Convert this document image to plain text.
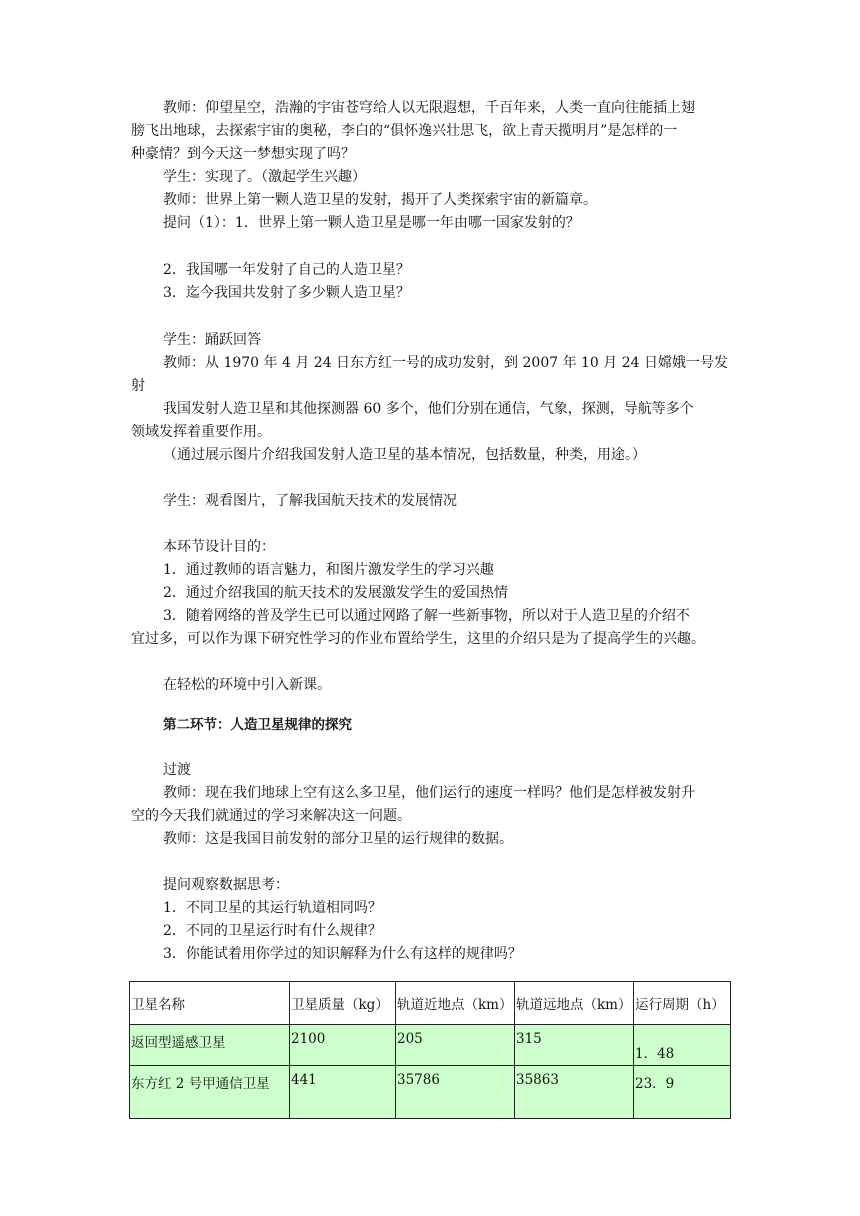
教师：仰望星空，浩瀚的宇宙苍穹给人以无限遐想，千百年来，人类一直向往能插上翅
膀飞出地球，去探索宇宙的奥秘，李白的“俱怀逸兴壮思飞，欲上青天揽明月”是怎样的一
种豪情？到今天这一梦想实现了吗？
学生：实现了。（激起学生兴趣）
教师：世界上第一颗人造卫星的发射，揭开了人类探索宇宙的新篇章。
提问（1）：1．世界上第一颗人造卫星是哪一年由哪一国家发射的？
2．我国哪一年发射了自己的人造卫星？
3．迄今我国共发射了多少颗人造卫星？
学生：踊跃回答
教师：从 1970 年 4 月 24 日东方红一号的成功发射，到 2007 年 10 月 24 日嫦娥一号发
射
我国发射人造卫星和其他探测器 60 多个，他们分别在通信，气象，探测，导航等多个
领域发挥着重要作用。
（通过展示图片介绍我国发射人造卫星的基本情况，包括数量，种类，用途。）
学生：观看图片，了解我国航天技术的发展情况
本环节设计目的：
1．通过教师的语言魅力，和图片激发学生的学习兴趣
2．通过介绍我国的航天技术的发展激发学生的爱国热情
3．随着网络的普及学生已可以通过网路了解一些新事物，所以对于人造卫星的介绍不
宜过多，可以作为课下研究性学习的作业布置给学生，这里的介绍只是为了提高学生的兴趣。
在轻松的环境中引入新课。
第二环节：人造卫星规律的探究
过渡
教师：现在我们地球上空有这么多卫星，他们运行的速度一样吗？他们是怎样被发射升
空的今天我们就通过的学习来解决这一问题。
教师：这是我国目前发射的部分卫星的运行规律的数据。
提问观察数据思考：
1．不同卫星的其运行轨道相同吗？
2．不同的卫星运行时有什么规律？
3．你能试着用你学过的知识解释为什么有这样的规律吗？
卫星名称	卫星质量（kg）	轨道近地点（km）	轨道远地点（km）	运行周期（h）
返回型遥感卫星	2100	205	315	1．48
东方红 2 号甲通信卫星	441	35786	35863	23．9
